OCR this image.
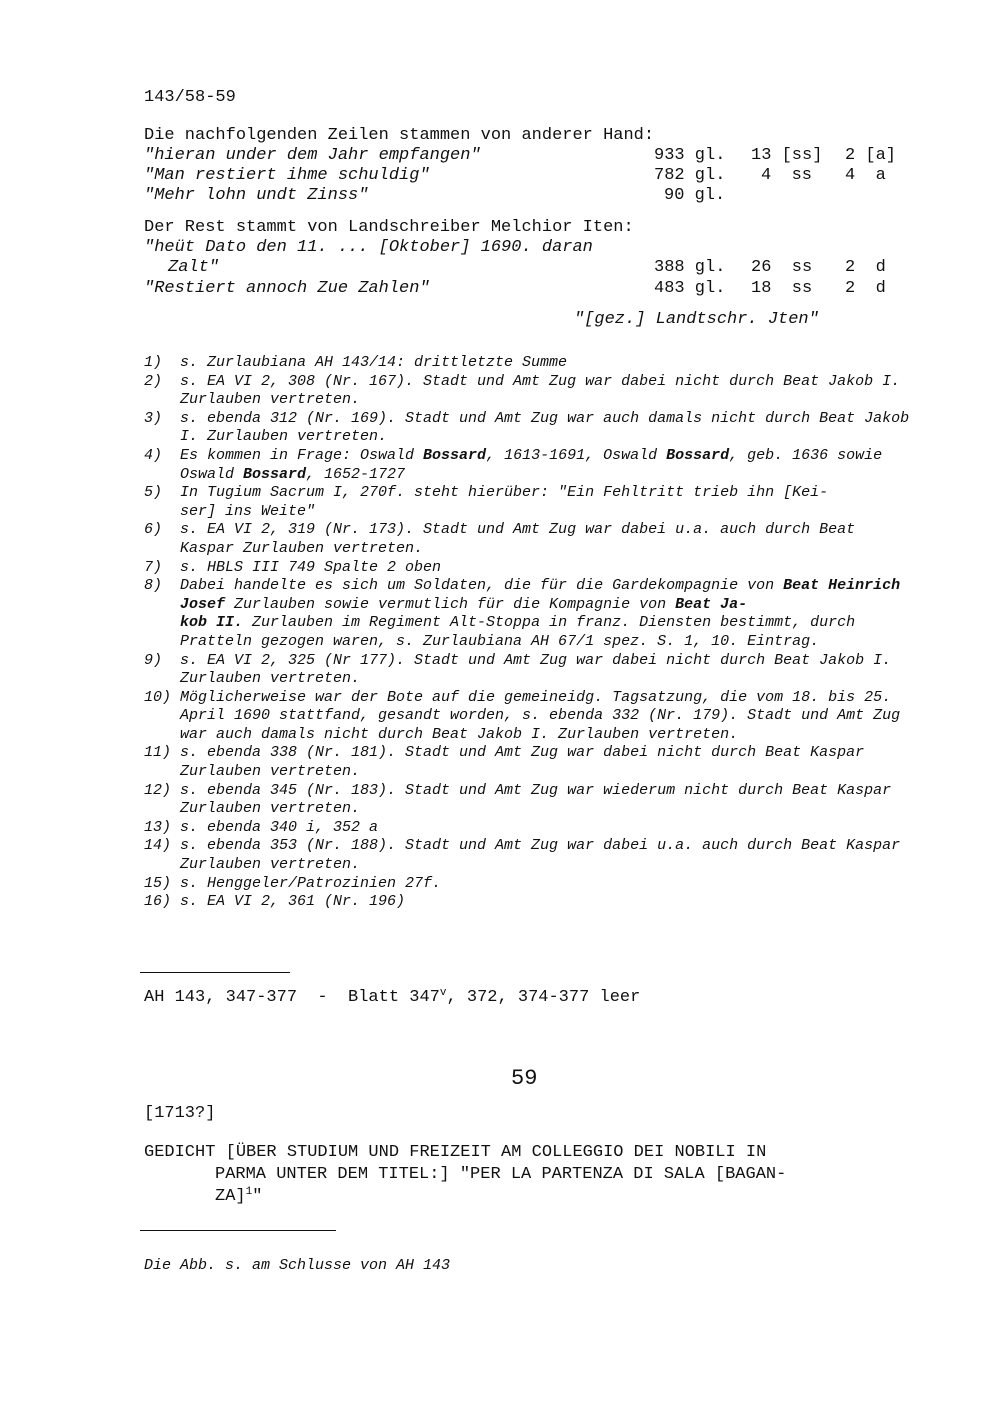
143/58-59
Die nachfolgenden Zeilen stammen von anderer Hand:
"hieran under dem Jahr empfangen"	933 gl. 13 [ss] 2 [a]
"Man restiert ihme schuldig"	782 gl. 4  ss 4  a
"Mehr lohn undt Zinss"	90 gl.
Der Rest stammt von Landschreiber Melchior Iten:
"heüt Dato den 11. ... [Oktober] 1690. daran
Zalt"	388 gl. 26  ss 2  d
"Restiert annoch Zue Zahlen"	483 gl. 18  ss 2  d
"[gez.] Landtschr. Jten"
1)	s. Zurlaubiana AH 143/14: drittletzte Summe
2)	s. EA VI 2, 308 (Nr. 167). Stadt und Amt Zug war dabei nicht durch Beat Jakob I. Zurlauben vertreten.
3)	s. ebenda 312 (Nr. 169). Stadt und Amt Zug war auch damals nicht durch Beat Jakob I. Zurlauben vertreten.
4)	Es kommen in Frage: Oswald Bossard, 1613-1691, Oswald Bossard, geb. 1636 sowie Oswald Bossard, 1652-1727
5)	In Tugium Sacrum I, 270f. steht hierüber: "Ein Fehltritt trieb ihn [Kei-
ser] ins Weite"
6)	s. EA VI 2, 319 (Nr. 173). Stadt und Amt Zug war dabei u.a. auch durch Beat Kaspar Zurlauben vertreten.
7)	s. HBLS III 749 Spalte 2 oben
8)	Dabei handelte es sich um Soldaten, die für die Gardekompagnie von Beat Heinrich Josef Zurlauben sowie vermutlich für die Kompagnie von Beat Ja-
kob II. Zurlauben im Regiment Alt-Stoppa in franz. Diensten bestimmt, durch Pratteln gezogen waren, s. Zurlaubiana AH 67/1 spez. S. 1, 10. Eintrag.
9)	s. EA VI 2, 325 (Nr 177). Stadt und Amt Zug war dabei nicht durch Beat Jakob I. Zurlauben vertreten.
10) Möglicherweise war der Bote auf die gemeineidg. Tagsatzung, die vom 18. bis 25. April 1690 stattfand, gesandt worden, s. ebenda 332 (Nr. 179). Stadt und Amt Zug war auch damals nicht durch Beat Jakob I. Zurlauben vertreten.
11) s. ebenda 338 (Nr. 181). Stadt und Amt Zug war dabei nicht durch Beat Kaspar Zurlauben vertreten.
12) s. ebenda 345 (Nr. 183). Stadt und Amt Zug war wiederum nicht durch Beat Kaspar Zurlauben vertreten.
13) s. ebenda 340 i, 352 a
14) s. ebenda 353 (Nr. 188). Stadt und Amt Zug war dabei u.a. auch durch Beat Kaspar Zurlauben vertreten.
15) s. Henggeler/Patrozinien 27f.
16) s. EA VI 2, 361 (Nr. 196)
AH 143, 347-377  -  Blatt 347$^v$, 372, 374-377 leer
59
[1713?]
GEDICHT [ÜBER STUDIUM UND FREIZEIT AM COLLEGGIO DEI NOBILI IN
PARMA UNTER DEM TITEL:] "PER LA PARTENZA DI SALA [BAGAN-
ZA]$^1$"
Die Abb. s. am Schlusse von AH 143
